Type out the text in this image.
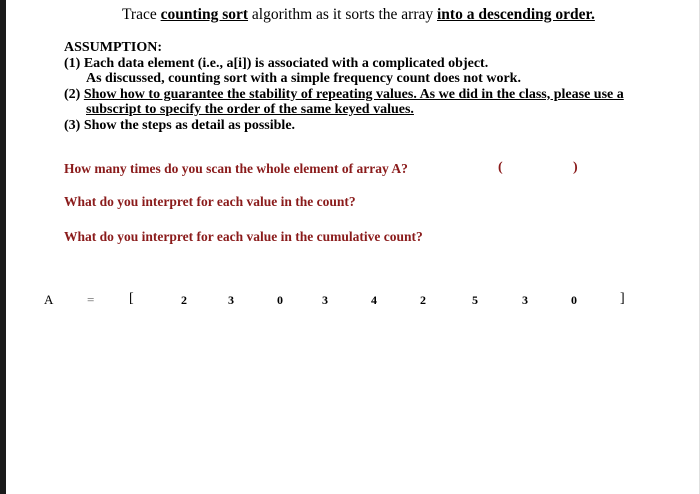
Trace counting sort algorithm as it sorts the array into a descending order.
ASSUMPTION:
(1) Each data element (i.e., a[i]) is associated with a complicated object.
As discussed, counting sort with a simple frequency count does not work.
(2) Show how to guarantee the stability of repeating values. As we did in the class, please use a
subscript to specify the order of the same keyed values.
(3) Show the steps as detail as possible.
How many times do you scan the whole element of array A?	(	)
What do you interpret for each value in the count?
What do you interpret for each value in the cumulative count?
A	= [	2	3	0	3	4	2	5	3	0	]
